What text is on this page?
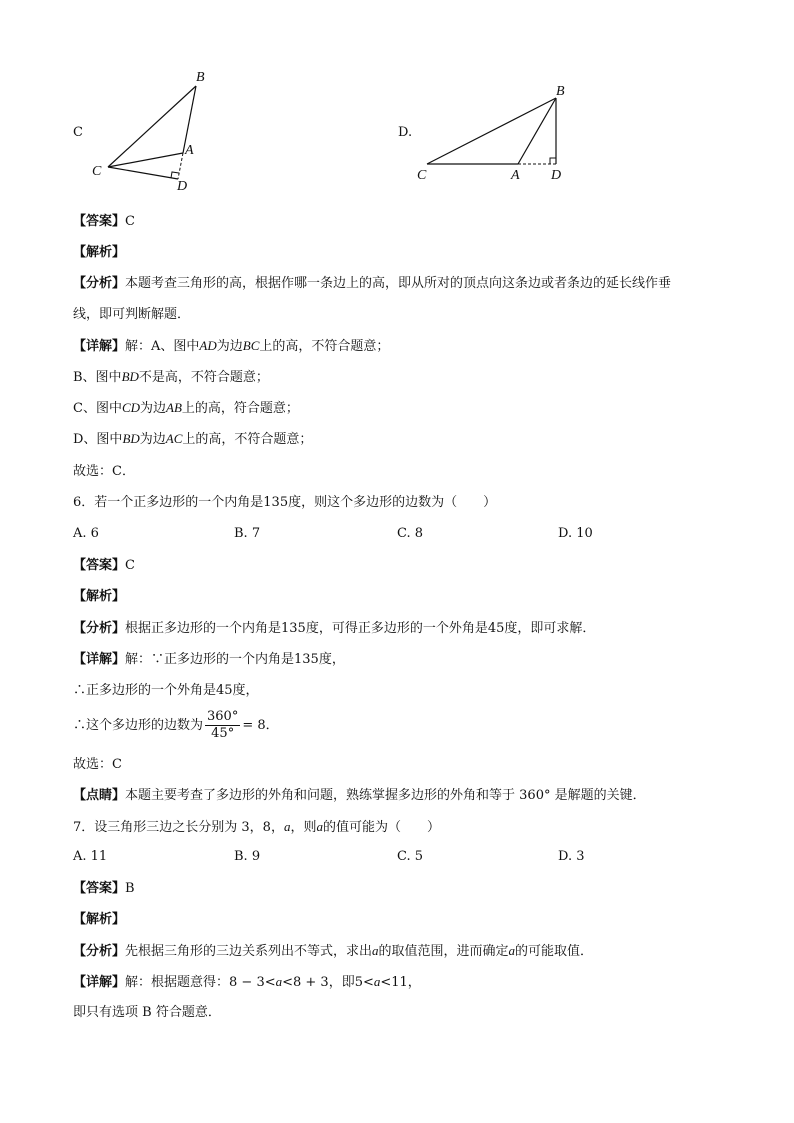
C
B
A
C
D
D.
B
A
C	D
【答案】C
【解析】
【分析】本题考查三角形的高，根据作哪一条边上的高，即从所对的顶点向这条边或者条边的延长线作垂
线，即可判断解题．
【详解】解：A、图中AD为边BC上的高，不符合题意；
B、图中BD不是高，不符合题意；
C、图中CD为边AB上的高，符合题意；
D、图中BD为边AC上的高，不符合题意；
故选：C．
6．若一个正多边形的一个内角是135度，则这个多边形的边数为（　　）
A. 6	B. 7	C. 8	D. 10
【答案】C
【解析】
【分析】根据正多边形的一个内角是135度，可得正多边形的一个外角是45度，即可求解．
【详解】解：∵正多边形的一个内角是135度，
∴正多边形的一个外角是45度，
∴这个多边形的边数为 $\frac{360^\circ}{45^\circ} = 8$．
故选：C
【点睛】本题主要考查了多边形的外角和问题，熟练掌握多边形的外角和等于 360° 是解题的关键．
7．设三角形三边之长分别为 3，8，a，则a的值可能为（　　）
A. 11	B. 9	C. 5	D. 3
【答案】B
【解析】
【分析】先根据三角形的三边关系列出不等式，求出a的取值范围，进而确定a的可能取值．
【详解】解：根据题意得：8 − 3<a<8 + 3，即5<a<11，
即只有选项 B 符合题意．
